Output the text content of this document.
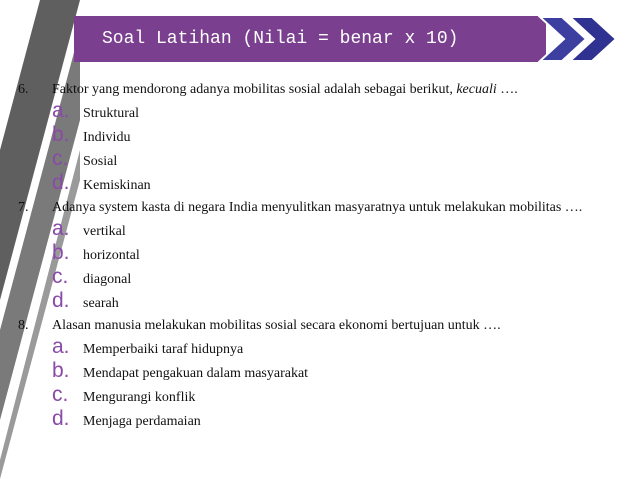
Soal Latihan (Nilai = benar x 10)
6.	Faktor yang mendorong adanya mobilitas sosial adalah sebagai berikut, kecuali ….
a. Struktural
b. Individu
c.	Sosial
d. Kemiskinan
7.	Adanya system kasta di negara India menyulitkan masyaratnya untuk melakukan mobilitas ….
a. vertikal
b. horizontal
c.	diagonal
d. searah
8.	Alasan manusia melakukan mobilitas sosial secara ekonomi bertujuan untuk ….
a. Memperbaiki taraf hidupnya
b. Mendapat pengakuan dalam masyarakat
c.	Mengurangi konflik
d. Menjaga perdamaian
